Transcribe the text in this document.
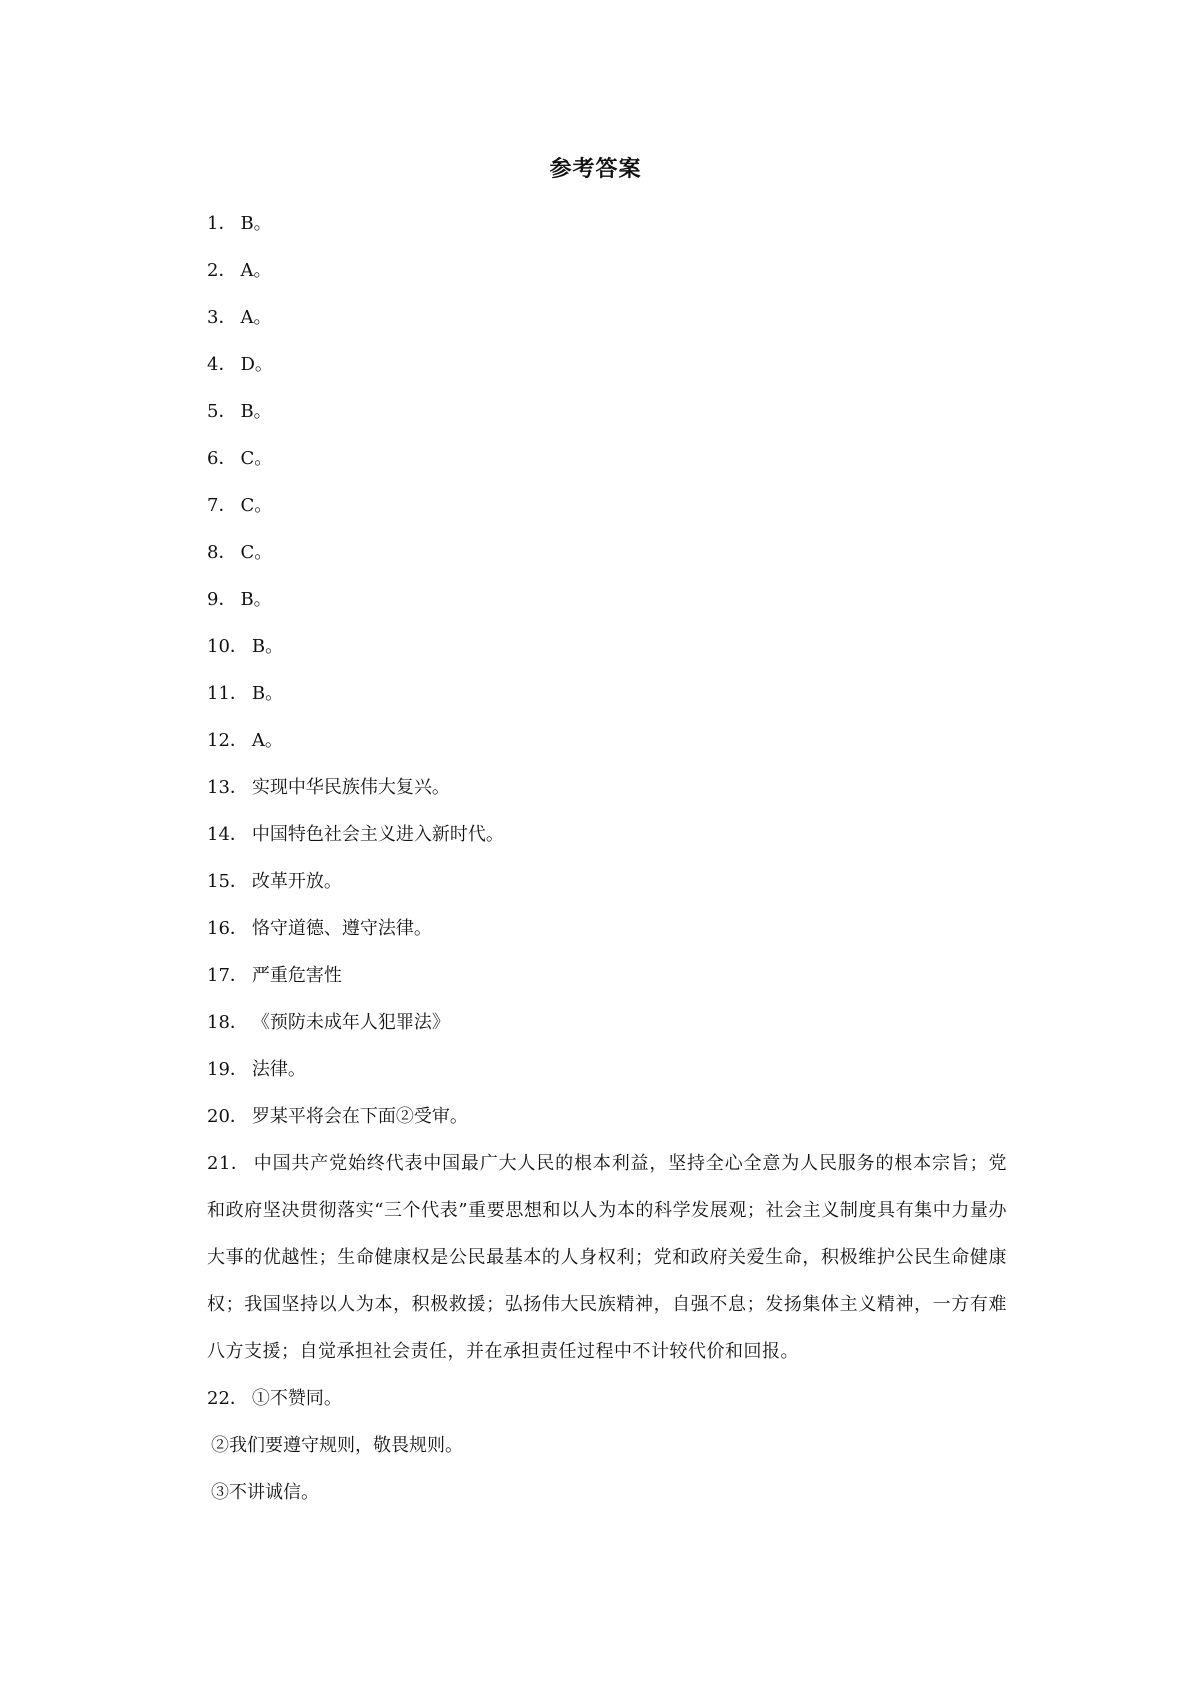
参考答案
1． B。
2． A。
3． A。
4． D。
5． B。
6． C。
7． C。
8． C。
9． B。
10． B。
11． B。
12． A。
13． 实现中华民族伟大复兴。
14． 中国特色社会主义进入新时代。
15． 改革开放。
16． 恪守道德、遵守法律。
17． 严重危害性
18． 《预防未成年人犯罪法》
19． 法律。
20． 罗某平将会在下面②受审。
21． 中国共产党始终代表中国最广大人民的根本利益，坚持全心全意为人民服务的根本宗旨；党和政府坚决贯彻落实“三个代表”重要思想和以人为本的科学发展观；社会主义制度具有集中力量办大事的优越性；生命健康权是公民最基本的人身权利；党和政府关爱生命，积极维护公民生命健康权；我国坚持以人为本，积极救援；弘扬伟大民族精神，自强不息；发扬集体主义精神，一方有难八方支援；自觉承担社会责任，并在承担责任过程中不计较代价和回报。
22． ①不赞同。
②我们要遵守规则，敬畏规则。
③不讲诚信。
